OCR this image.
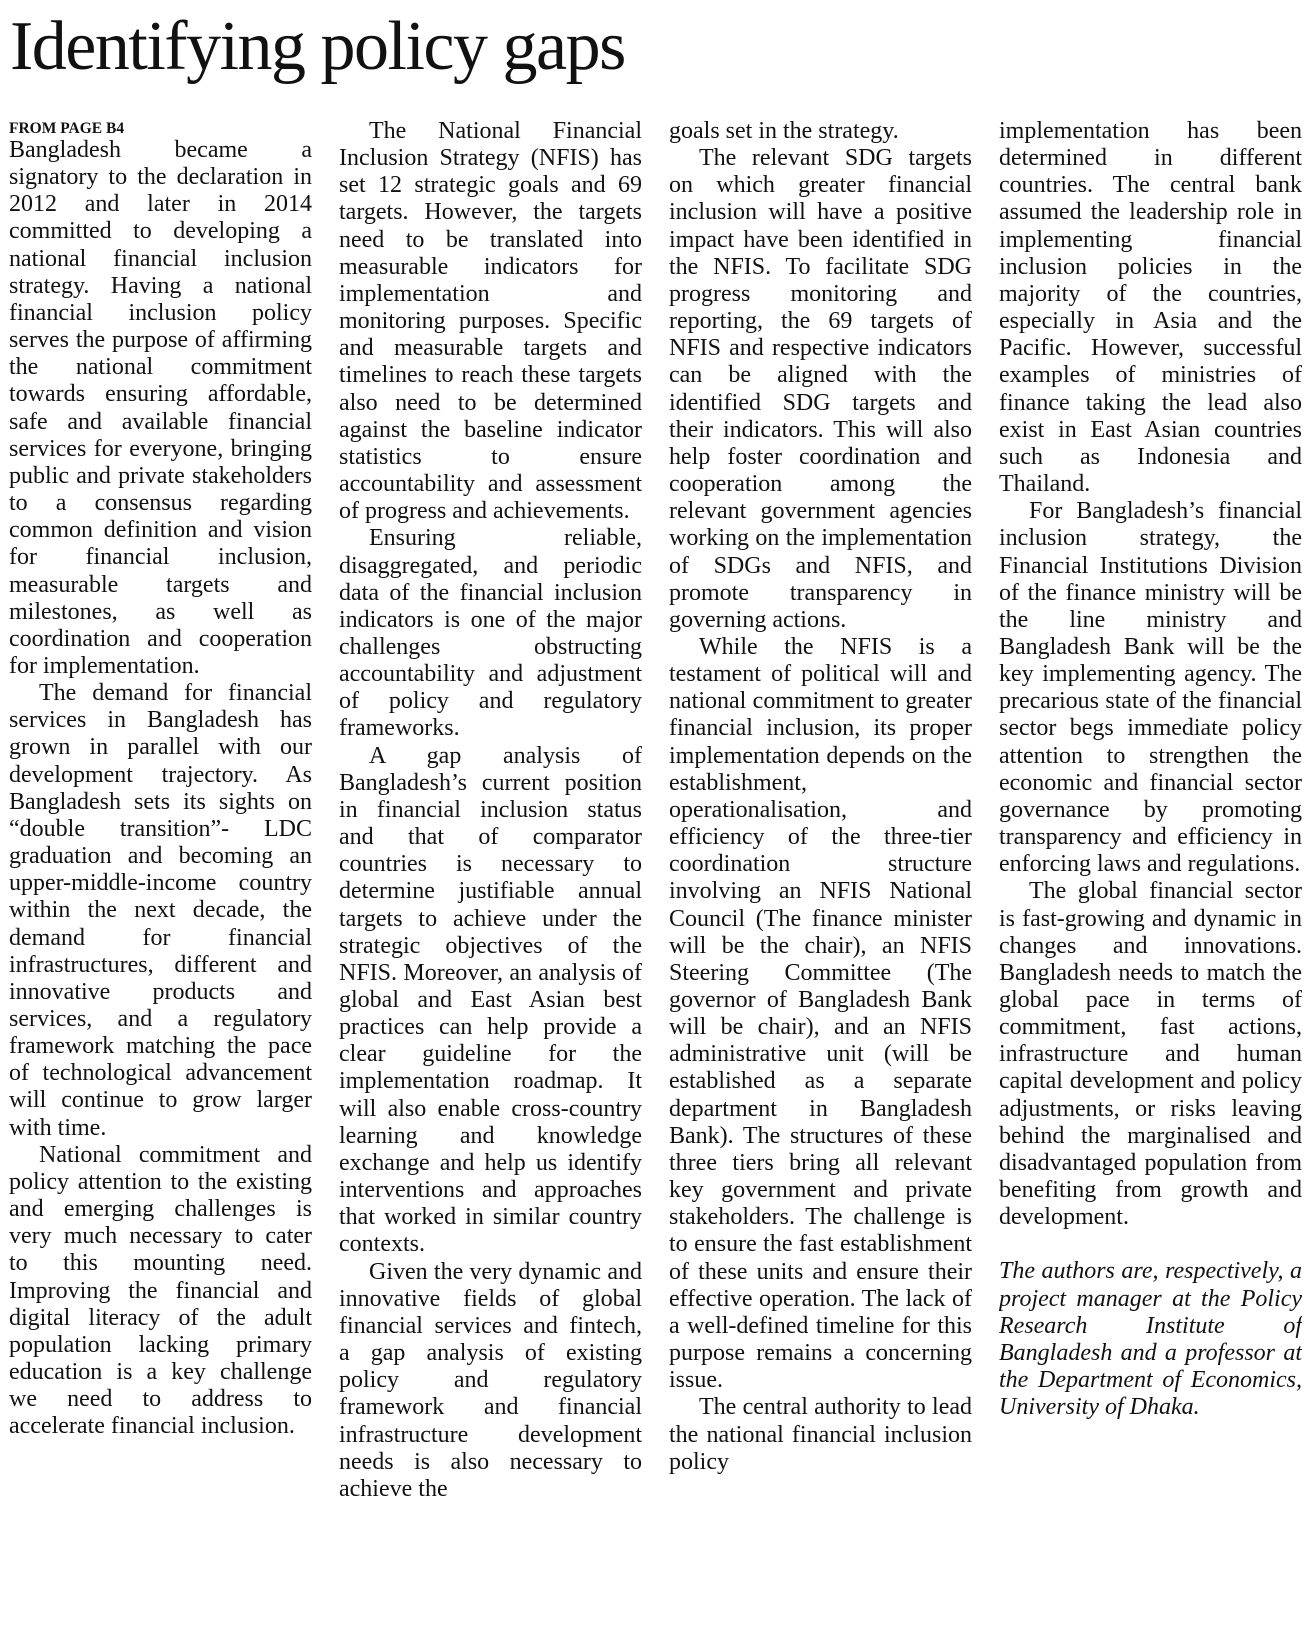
Identifying policy gaps
FROM PAGE B4

Bangladesh became a signatory to the declaration in 2012 and later in 2014 committed to developing a national financial inclusion strategy. Having a national financial inclusion policy serves the purpose of affirming the national commitment towards ensuring affordable, safe and available financial services for everyone, bringing public and private stakeholders to a consensus regarding common definition and vision for financial inclusion, measurable targets and milestones, as well as coordination and cooperation for implementation.

The demand for financial services in Bangladesh has grown in parallel with our development trajectory. As Bangladesh sets its sights on “double transition”- LDC graduation and becoming an upper-middle-income country within the next decade, the demand for financial infrastructures, different and innovative products and services, and a regulatory framework matching the pace of technological advancement will continue to grow larger with time.

National commitment and policy attention to the existing and emerging challenges is very much necessary to cater to this mounting need. Improving the financial and digital literacy of the adult population lacking primary education is a key challenge we need to address to accelerate financial inclusion.

The National Financial Inclusion Strategy (NFIS) has set 12 strategic goals and 69 targets. However, the targets need to be translated into measurable indicators for implementation and monitoring purposes. Specific and measurable targets and timelines to reach these targets also need to be determined against the baseline indicator statistics to ensure accountability and assessment of progress and achievements.

Ensuring reliable, disaggregated, and periodic data of the financial inclusion indicators is one of the major challenges obstructing accountability and adjustment of policy and regulatory frameworks.

A gap analysis of Bangladesh’s current position in financial inclusion status and that of comparator countries is necessary to determine justifiable annual targets to achieve under the strategic objectives of the NFIS. Moreover, an analysis of global and East Asian best practices can help provide a clear guideline for the implementation roadmap. It will also enable cross-country learning and knowledge exchange and help us identify interventions and approaches that worked in similar country contexts.

Given the very dynamic and innovative fields of global financial services and fintech, a gap analysis of existing policy and regulatory framework and financial infrastructure development needs is also necessary to achieve the

goals set in the strategy.

The relevant SDG targets on which greater financial inclusion will have a positive impact have been identified in the NFIS. To facilitate SDG progress monitoring and reporting, the 69 targets of NFIS and respective indicators can be aligned with the identified SDG targets and their indicators. This will also help foster coordination and cooperation among the relevant government agencies working on the implementation of SDGs and NFIS, and promote transparency in governing actions.

While the NFIS is a testament of political will and national commitment to greater financial inclusion, its proper implementation depends on the establishment, operationalisation, and efficiency of the three-tier coordination structure involving an NFIS National Council (The finance minister will be the chair), an NFIS Steering Committee (The governor of Bangladesh Bank will be chair), and an NFIS administrative unit (will be established as a separate department in Bangladesh Bank). The structures of these three tiers bring all relevant key government and private stakeholders. The challenge is to ensure the fast establishment of these units and ensure their effective operation. The lack of a well-defined timeline for this purpose remains a concerning issue.

The central authority to lead the national financial inclusion policy

implementation has been determined in different countries. The central bank assumed the leadership role in implementing financial inclusion policies in the majority of the countries, especially in Asia and the Pacific. However, successful examples of ministries of finance taking the lead also exist in East Asian countries such as Indonesia and Thailand.

For Bangladesh’s financial inclusion strategy, the Financial Institutions Division of the finance ministry will be the line ministry and Bangladesh Bank will be the key implementing agency. The precarious state of the financial sector begs immediate policy attention to strengthen the economic and financial sector governance by promoting transparency and efficiency in enforcing laws and regulations.

The global financial sector is fast-growing and dynamic in changes and innovations. Bangladesh needs to match the global pace in terms of commitment, fast actions, infrastructure and human capital development and policy adjustments, or risks leaving behind the marginalised and disadvantaged population from benefiting from growth and development.

The authors are, respectively, a project manager at the Policy Research Institute of Bangladesh and a professor at the Department of Economics, University of Dhaka.
